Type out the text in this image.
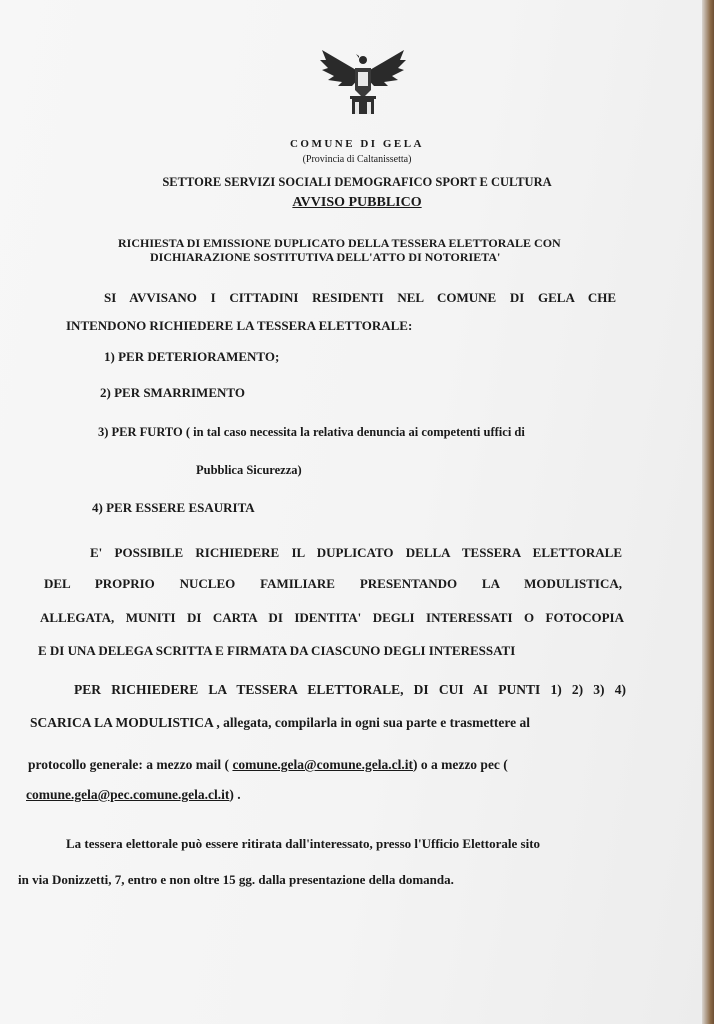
COMUNE DI GELA
(Provincia di Caltanissetta)
SETTORE SERVIZI SOCIALI DEMOGRAFICO SPORT E CULTURA
AVVISO PUBBLICO
RICHIESTA DI EMISSIONE DUPLICATO DELLA TESSERA ELETTORALE CON
DICHIARAZIONE SOSTITUTIVA DELL'ATTO DI NOTORIETA'
SI AVVISANO I CITTADINI RESIDENTI NEL COMUNE DI GELA CHE
INTENDONO RICHIEDERE LA TESSERA ELETTORALE:
1) PER DETERIORAMENTO;
2) PER SMARRIMENTO
3) PER FURTO ( in tal caso necessita la relativa denuncia ai competenti uffici di
Pubblica Sicurezza)
4) PER ESSERE ESAURITA
E' POSSIBILE RICHIEDERE IL DUPLICATO DELLA TESSERA ELETTORALE
DEL PROPRIO NUCLEO FAMILIARE PRESENTANDO LA MODULISTICA,
ALLEGATA, MUNITI DI CARTA DI IDENTITA' DEGLI INTERESSATI O FOTOCOPIA
E DI UNA DELEGA SCRITTA E FIRMATA DA CIASCUNO DEGLI INTERESSATI
PER RICHIEDERE LA TESSERA ELETTORALE, DI CUI AI PUNTI 1) 2) 3) 4)
SCARICA LA MODULISTICA , allegata, compilarla in ogni sua parte e trasmettere al
protocollo generale: a mezzo mail ( comune.gela@comune.gela.cl.it) o a mezzo pec (
comune.gela@pec.comune.gela.cl.it) .
La tessera elettorale può essere ritirata dall'interessato, presso l'Ufficio Elettorale sito
in via Donizzetti, 7, entro e non oltre 15 gg. dalla presentazione della domanda.
